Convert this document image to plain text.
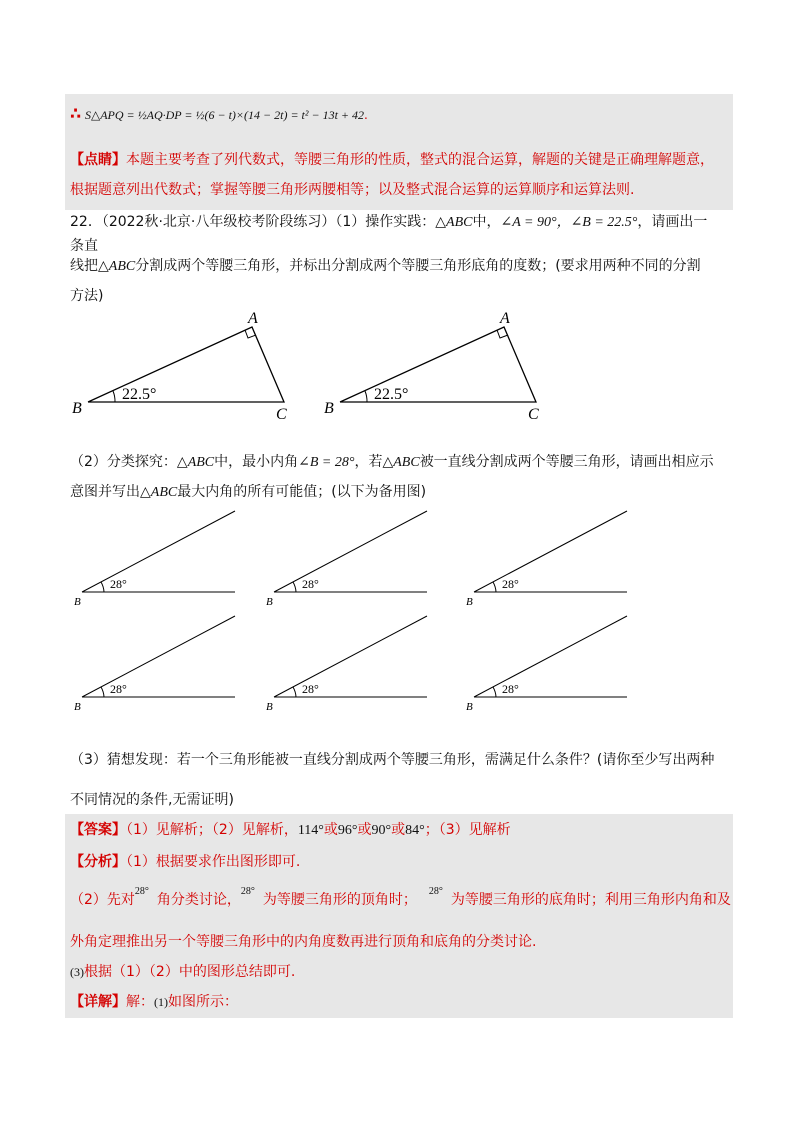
∴ S△APQ = ½AQ·DP = ½(6 − t)×(14 − 2t) = t² − 13t + 42.
【点睛】本题主要考查了列代数式，等腰三角形的性质，整式的混合运算，解题的关键是正确理解题意，
根据题意列出代数式；掌握等腰三角形两腰相等；以及整式混合运算的运算顺序和运算法则.
22．（2022秋·北京·八年级校考阶段练习）（1）操作实践：△ABC中，∠A = 90°，∠B = 22.5°，请画出一
条直
线把△ABC分割成两个等腰三角形，并标出分割成两个等腰三角形底角的度数；(要求用两种不同的分割
方法)
A
B	C
22.5°
A
B	C
22.5°
（2）分类探究：△ABC中，最小内角∠B = 28°，若△ABC被一直线分割成两个等腰三角形，请画出相应示
意图并写出△ABC最大内角的所有可能值；(以下为备用图)
28°
B
28°
B
28°
B
28°
B
28°
B
28°
B
（3）猜想发现：若一个三角形能被一直线分割成两个等腰三角形，需满足什么条件？(请你至少写出两种
不同情况的条件,无需证明)
【答案】（1）见解析；（2）见解析，114°或96°或90°或84°；（3）见解析
【分析】（1）根据要求作出图形即可.
（2）先对$^{28^\circ}$角分类讨论，$^{28^\circ}$为等腰三角形的顶角时；$^{28^\circ}$为等腰三角形的底角时；利用三角形内角和及
外角定理推出另一个等腰三角形中的内角度数再进行顶角和底角的分类讨论.
(3)根据（1）（2）中的图形总结即可.
【详解】解：(1)如图所示：
